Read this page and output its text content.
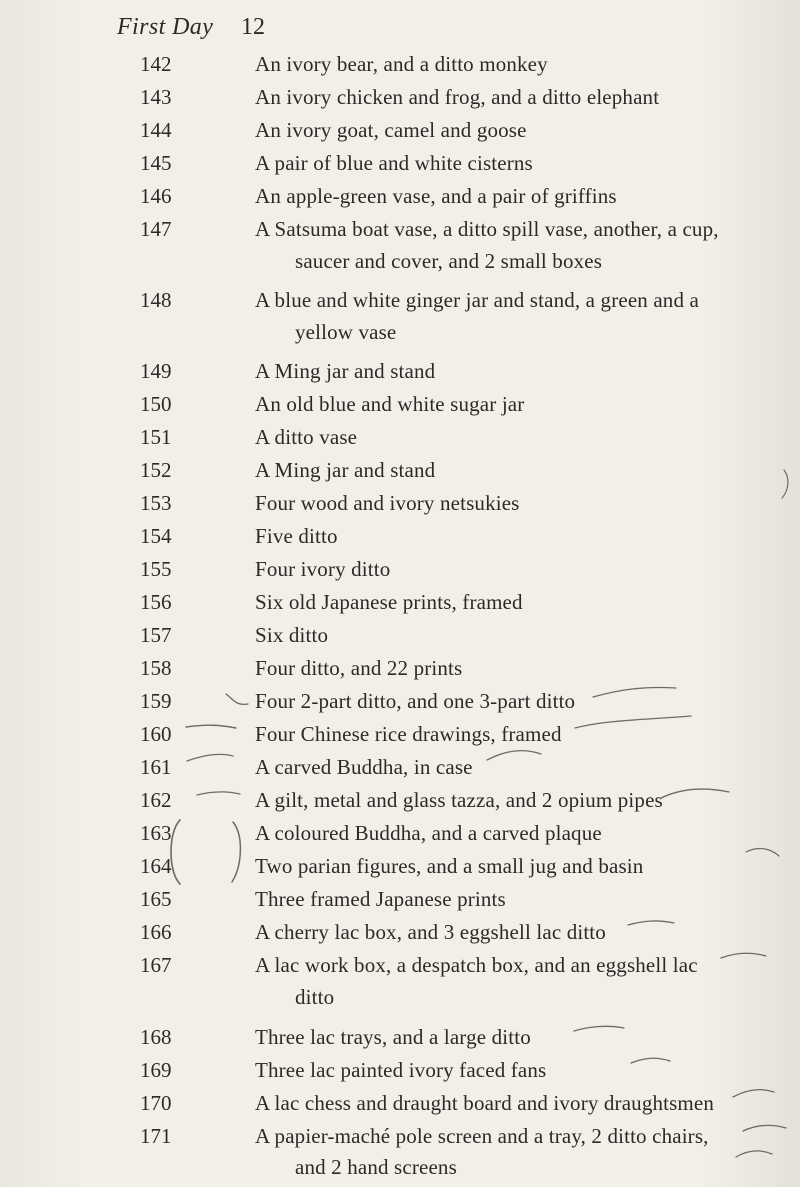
First Day 12
142	An ivory bear, and a ditto monkey
143	An ivory chicken and frog, and a ditto elephant
144	An ivory goat, camel and goose
145	A pair of blue and white cisterns
146	An apple-green vase, and a pair of griffins
147	A Satsuma boat vase, a ditto spill vase, another, a cup,
saucer and cover, and 2 small boxes
148	A blue and white ginger jar and stand, a green and a
yellow vase
149	A Ming jar and stand
150	An old blue and white sugar jar
151	A ditto vase
152	A Ming jar and stand
153	Four wood and ivory netsukies
154	Five ditto
155	Four ivory ditto
156	Six old Japanese prints, framed
157	Six ditto
158	Four ditto, and 22 prints
159	Four 2-part ditto, and one 3-part ditto
160	Four Chinese rice drawings, framed
161	A carved Buddha, in case
162	A gilt, metal and glass tazza, and 2 opium pipes
163	A coloured Buddha, and a carved plaque
164	Two parian figures, and a small jug and basin
165	Three framed Japanese prints
166	A cherry lac box, and 3 eggshell lac ditto
167	A lac work box, a despatch box, and an eggshell lac
ditto
168	Three lac trays, and a large ditto
169	Three lac painted ivory faced fans
170	A lac chess and draught board and ivory draughtsmen
171	A papier-maché pole screen and a tray, 2 ditto chairs,
and 2 hand screens
